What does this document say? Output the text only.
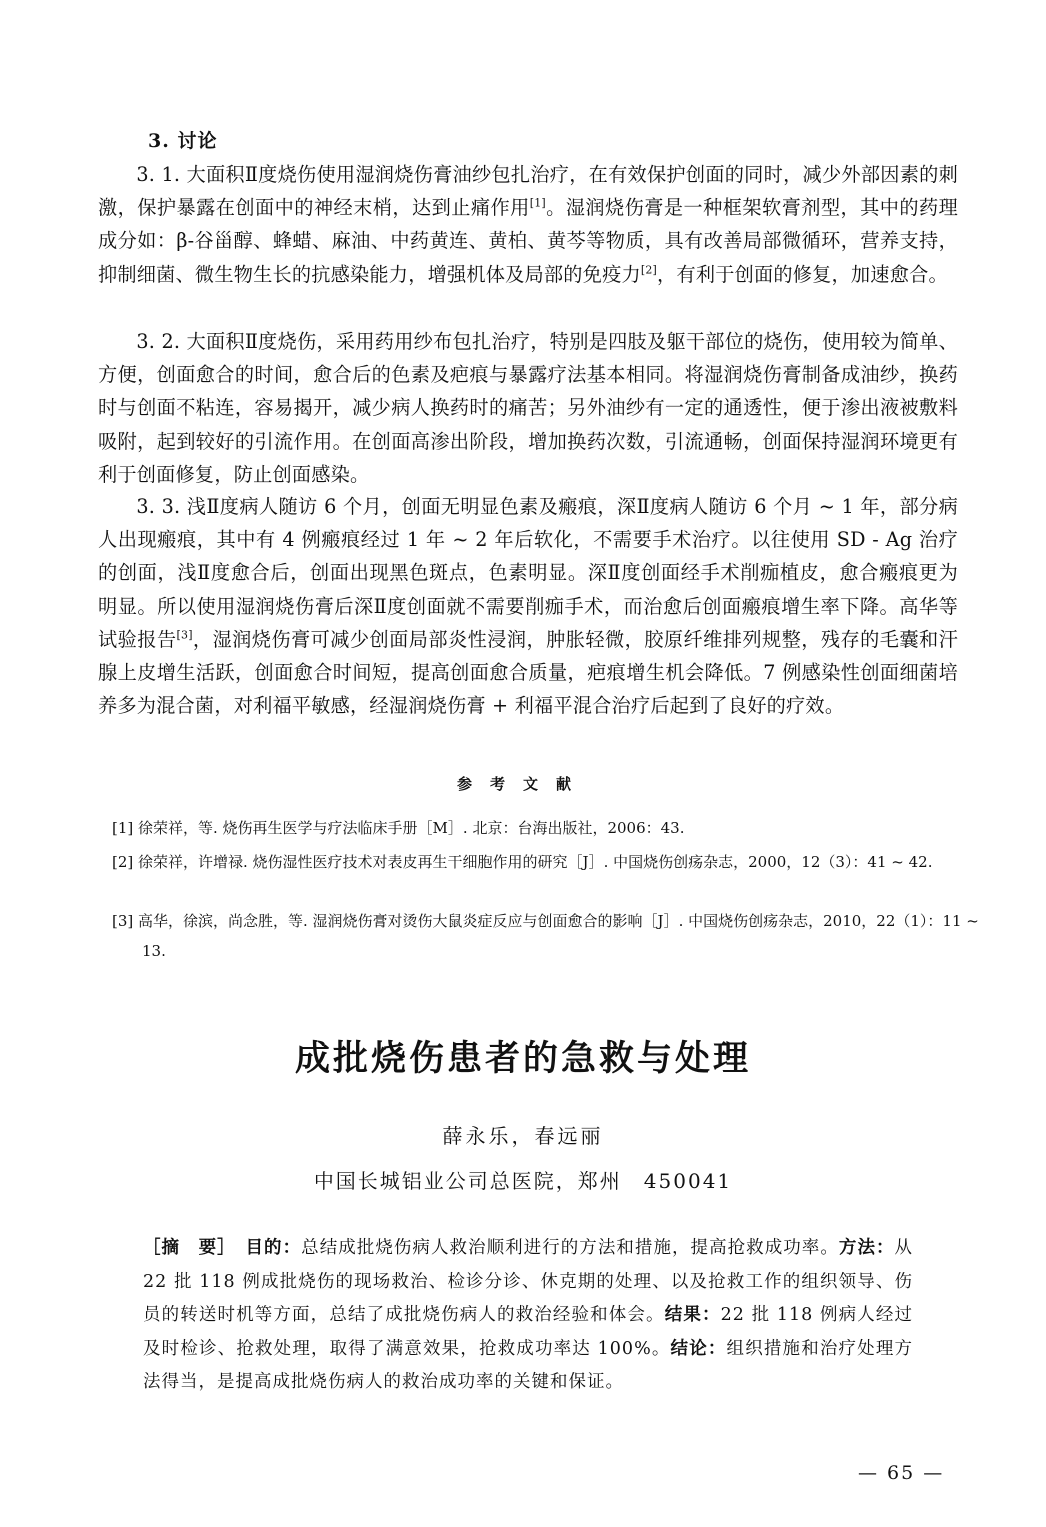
3. 讨论

3. 1. 大面积Ⅱ度烧伤使用湿润烧伤膏油纱包扎治疗，在有效保护创面的同时，减少外部因素的刺激，保护暴露在创面中的神经末梢，达到止痛作用[1]。湿润烧伤膏是一种框架软膏剂型，其中的药理成分如：β-谷甾醇、蜂蜡、麻油、中药黄连、黄柏、黄芩等物质，具有改善局部微循环，营养支持，抑制细菌、微生物生长的抗感染能力，增强机体及局部的免疫力[2]，有利于创面的修复，加速愈合。

3. 2. 大面积Ⅱ度烧伤，采用药用纱布包扎治疗，特别是四肢及躯干部位的烧伤，使用较为简单、方便，创面愈合的时间，愈合后的色素及疤痕与暴露疗法基本相同。将湿润烧伤膏制备成油纱，换药时与创面不粘连，容易揭开，减少病人换药时的痛苦；另外油纱有一定的通透性，便于渗出液被敷料吸附，起到较好的引流作用。在创面高渗出阶段，增加换药次数，引流通畅，创面保持湿润环境更有利于创面修复，防止创面感染。

3. 3. 浅Ⅱ度病人随访 6 个月，创面无明显色素及瘢痕，深Ⅱ度病人随访 6 个月 ~ 1 年，部分病人出现瘢痕，其中有 4 例瘢痕经过 1 年 ~ 2 年后软化，不需要手术治疗。以往使用 SD - Ag 治疗的创面，浅Ⅱ度愈合后，创面出现黑色斑点，色素明显。深Ⅱ度创面经手术削痂植皮，愈合瘢痕更为明显。所以使用湿润烧伤膏后深Ⅱ度创面就不需要削痂手术，而治愈后创面瘢痕增生率下降。高华等试验报告[3]，湿润烧伤膏可减少创面局部炎性浸润，肿胀轻微，胶原纤维排列规整，残存的毛囊和汗腺上皮增生活跃，创面愈合时间短，提高创面愈合质量，疤痕增生机会降低。7 例感染性创面细菌培养多为混合菌，对利福平敏感，经湿润烧伤膏 + 利福平混合治疗后起到了良好的疗效。

参考文献

[1] 徐荣祥，等. 烧伤再生医学与疗法临床手册［M］. 北京：台海出版社，2006：43.

[2] 徐荣祥，许增禄. 烧伤湿性医疗技术对表皮再生干细胞作用的研究［J］. 中国烧伤创疡杂志，2000，12（3）：41 ~ 42.

[3] 高华，徐滨，尚念胜，等. 湿润烧伤膏对烫伤大鼠炎症反应与创面愈合的影响［J］. 中国烧伤创疡杂志，2010，22（1）：11 ~ 13.

成批烧伤患者的急救与处理

薛永乐，春远丽

中国长城铝业公司总医院，郑州　450041

［摘　要］　 目的：总结成批烧伤病人救治顺利进行的方法和措施，提高抢救成功率。方法：从 22 批 118 例成批烧伤的现场救治、检诊分诊、休克期的处理、以及抢救工作的组织领导、伤员的转送时机等方面，总结了成批烧伤病人的救治经验和体会。结果：22 批 118 例病人经过及时检诊、抢救处理，取得了满意效果，抢救成功率达 100%。结论：组织措施和治疗处理方法得当，是提高成批烧伤病人的救治成功率的关键和保证。

— 65 —
